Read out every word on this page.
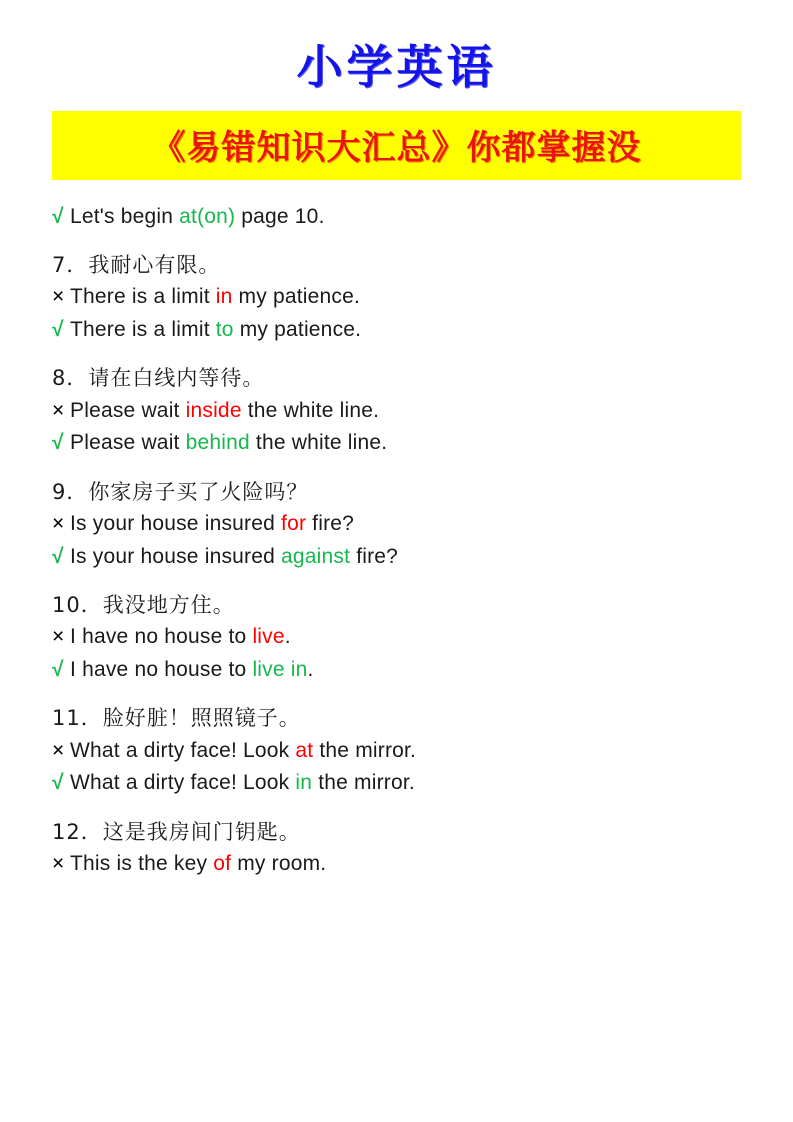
小学英语
《易错知识大汇总》你都掌握没
√ Let's begin at(on) page 10.
7．我耐心有限。
× There is a limit in my patience.
√ There is a limit to my patience.
8．请在白线内等待。
× Please wait inside the white line.
√ Please wait behind the white line.
9．你家房子买了火险吗？
× Is your house insured for fire?
√ Is your house insured against fire?
10．我没地方住。
× I have no house to live.
√ I have no house to live in.
11．脸好脏！照照镜子。
× What a dirty face! Look at the mirror.
√ What a dirty face! Look in the mirror.
12．这是我房间门钥匙。
× This is the key of my room.
